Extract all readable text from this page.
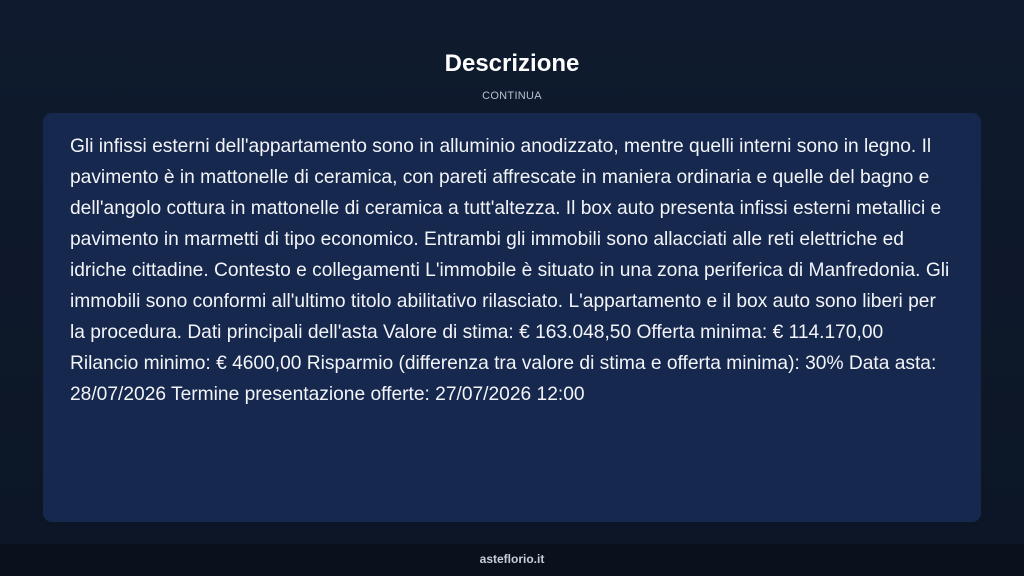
Descrizione
CONTINUA

Gli infissi esterni dell'appartamento sono in alluminio anodizzato, mentre quelli interni sono in legno. Il pavimento è in mattonelle di ceramica, con pareti affrescate in maniera ordinaria e quelle del bagno e dell'angolo cottura in mattonelle di ceramica a tutt'altezza. Il box auto presenta infissi esterni metallici e pavimento in marmetti di tipo economico. Entrambi gli immobili sono allacciati alle reti elettriche ed idriche cittadine. Contesto e collegamenti L'immobile è situato in una zona periferica di Manfredonia. Gli immobili sono conformi all'ultimo titolo abilitativo rilasciato. L'appartamento e il box auto sono liberi per la procedura. Dati principali dell'asta Valore di stima: € 163.048,50 Offerta minima: € 114.170,00 Rilancio minimo: € 4600,00 Risparmio (differenza tra valore di stima e offerta minima): 30% Data asta: 28/07/2026 Termine presentazione offerte: 27/07/2026 12:00

asteflorio.it
